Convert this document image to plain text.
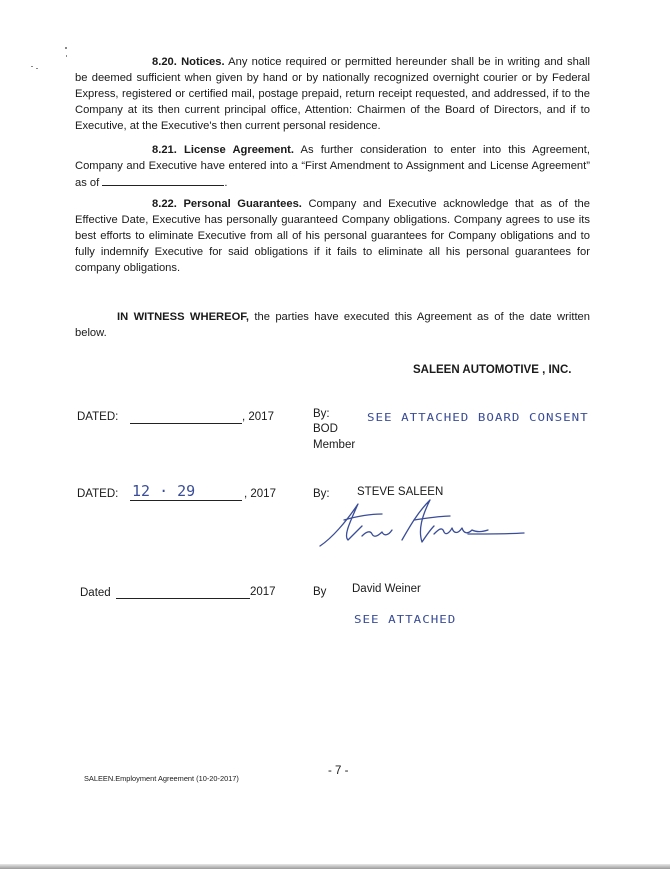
8.20. Notices. Any notice required or permitted hereunder shall be in writing and shall be deemed sufficient when given by hand or by nationally recognized overnight courier or by Federal Express, registered or certified mail, postage prepaid, return receipt requested, and addressed, if to the Company at its then current principal office, Attention: Chairmen of the Board of Directors, and if to Executive, at the Executive's then current personal residence.

8.21. License Agreement. As further consideration to enter into this Agreement, Company and Executive have entered into a “First Amendment to Assignment and License Agreement” as of	.

8.22. Personal Guarantees. Company and Executive acknowledge that as of the Effective Date, Executive has personally guaranteed Company obligations. Company agrees to use its best efforts to eliminate Executive from all of his personal guarantees for Company obligations and to fully indemnify Executive for said obligations if it fails to eliminate all his personal guarantees for company obligations.

IN WITNESS WHEREOF, the parties have executed this Agreement as of the date written below.

SALEEN AUTOMOTIVE , INC.
DATED:	, 2017	By:
BOD
Member
SEE ATTACHED BOARD CONSENT
DATED: 12 · 29	, 2017	By: STEVE SALEEN
Dated	2017	By David Weiner
SEE ATTACHED
- 7 -
SALEEN.Employment Agreement (10-20-2017)
